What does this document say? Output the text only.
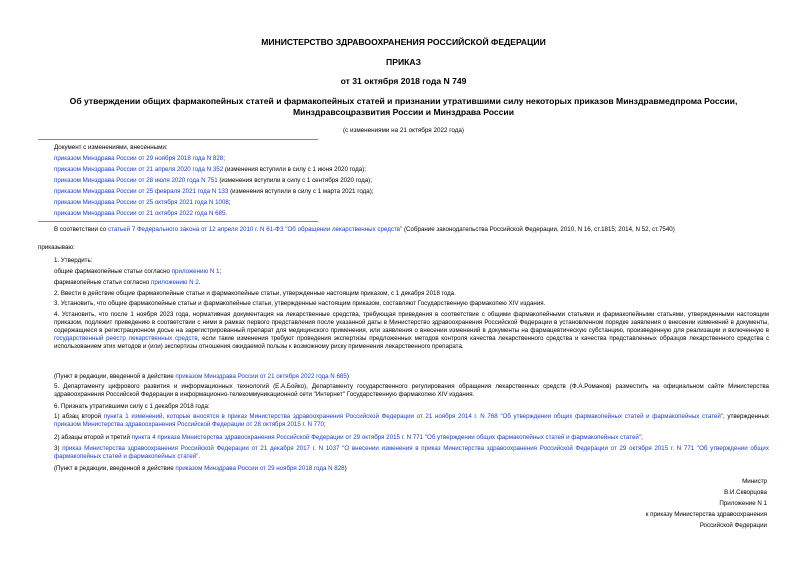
МИНИСТЕРСТВО ЗДРАВООХРАНЕНИЯ РОССИЙСКОЙ ФЕДЕРАЦИИ
ПРИКАЗ
от 31 октября 2018 года N 749
Об утверждении общих фармакопейных статей и фармакопейных статей и признании утратившими силу некоторых приказов Минздравмедпрома России,
Минздравсоцразвития России и Минздрава России
(с изменениями на 21 октября 2022 года)
Документ с изменениями, внесенными:
приказом Минздрава России от 29 ноября 2018 года N 828;
приказом Минздрава России от 21 апреля 2020 года N 352 (изменения вступили в силу с 1 июня 2020 года);
приказом Минздрава России от 28 июля 2020 года N 751 (изменения вступили в силу с 1 сентября 2020 года);
приказом Минздрава России от 25 февраля 2021 года N 133 (изменения вступили в силу с 1 марта 2021 года);
приказом Минздрава России от 25 октября 2021 года N 1008;
приказом Минздрава России от 21 октября 2022 года N 685.
В соответствии со статьей 7 Федерального закона от 12 апреля 2010 г. N 61-ФЗ "Об обращении лекарственных средств" (Собрание законодательства Российской Федерации, 2010, N 16, ст.1815; 2014, N 52, ст.7540)
приказываю:
1. Утвердить:
общие фармакопейные статьи согласно приложению N 1;
фармакопейные статьи согласно приложению N 2.
2. Ввести в действие общие фармакопейные статьи и фармакопейные статьи, утвержденные настоящим приказом, с 1 декабря 2018 года.
3. Установить, что общие фармакопейные статьи и фармакопейные статьи, утвержденные настоящим приказом, составляют Государственную фармакопею XIV издания.
4. Установить, что после 1 ноября 2023 года, нормативная документация на лекарственные средства, требующая приведения в соответствие с общими фармакопейными статьями и фармакопейными статьями, утвержденными настоящим приказом, подлежит приведению в соответствии с ними в рамках первого представления после указанной даты в Министерство здравоохранения Российской Федерации в установленном порядке заявления о внесении изменений в документы, содержащиеся в регистрационном досье на зарегистрированный препарат для медицинского применения, или заявления о внесении изменений в документы на фармацевтическую субстанцию, произведенную для реализации и включенную в государственный реестр лекарственных средств, если такие изменения требуют проведения экспертизы предложенных методов контроля качества лекарственного средства и качества представленных образцов лекарственного средства с использованием этих методов и (или) экспертизы отношения ожидаемой пользы к возможному риску применения лекарственного препарата.
(Пункт в редакции, введенной в действие приказом Минздрава России от 21 октября 2022 года N 685)
5. Департаменту цифрового развития и информационных технологий (Е.А.Бойко), Департаменту государственного регулирования обращения лекарственных средств (Ф.А.Романов) разместить на официальном сайте Министерства здравоохранения Российской Федерации в информационно-телекоммуникационной сети "Интернет" Государственную фармакопею XIV издания.
6. Признать утратившими силу с 1 декабря 2018 года:
1) абзац второй пункта 1 изменений, которые вносятся в приказ Министерства здравоохранения Российской Федерации от 21 ноября 2014 г. N 768 "Об утверждении общих фармакопейных статей и фармакопейных статей", утвержденных приказом Министерства здравоохранения Российской Федерации от 28 октября 2015 г. N 770;
2) абзацы второй и третий пункта 4 приказа Министерства здравоохранения Российской Федерации от 29 октября 2015 г. N 771 "Об утверждении общих фармакопейных статей и фармакопейных статей";
3) приказ Министерства здравоохранения Российской Федерации от 21 декабря 2017 г. N 1037 "О внесении изменения в приказ Министерства здравоохранения Российской Федерации от 29 октября 2015 г. N 771 "Об утверждении общих фармакопейных статей и фармакопейных статей".
(Пункт в редакции, введенной в действие приказом Минздрава России от 29 ноября 2018 года N 828)
Министр
В.И.Скворцова
Приложение N 1
к приказу Министерства здравоохранения
Российской Федерации
